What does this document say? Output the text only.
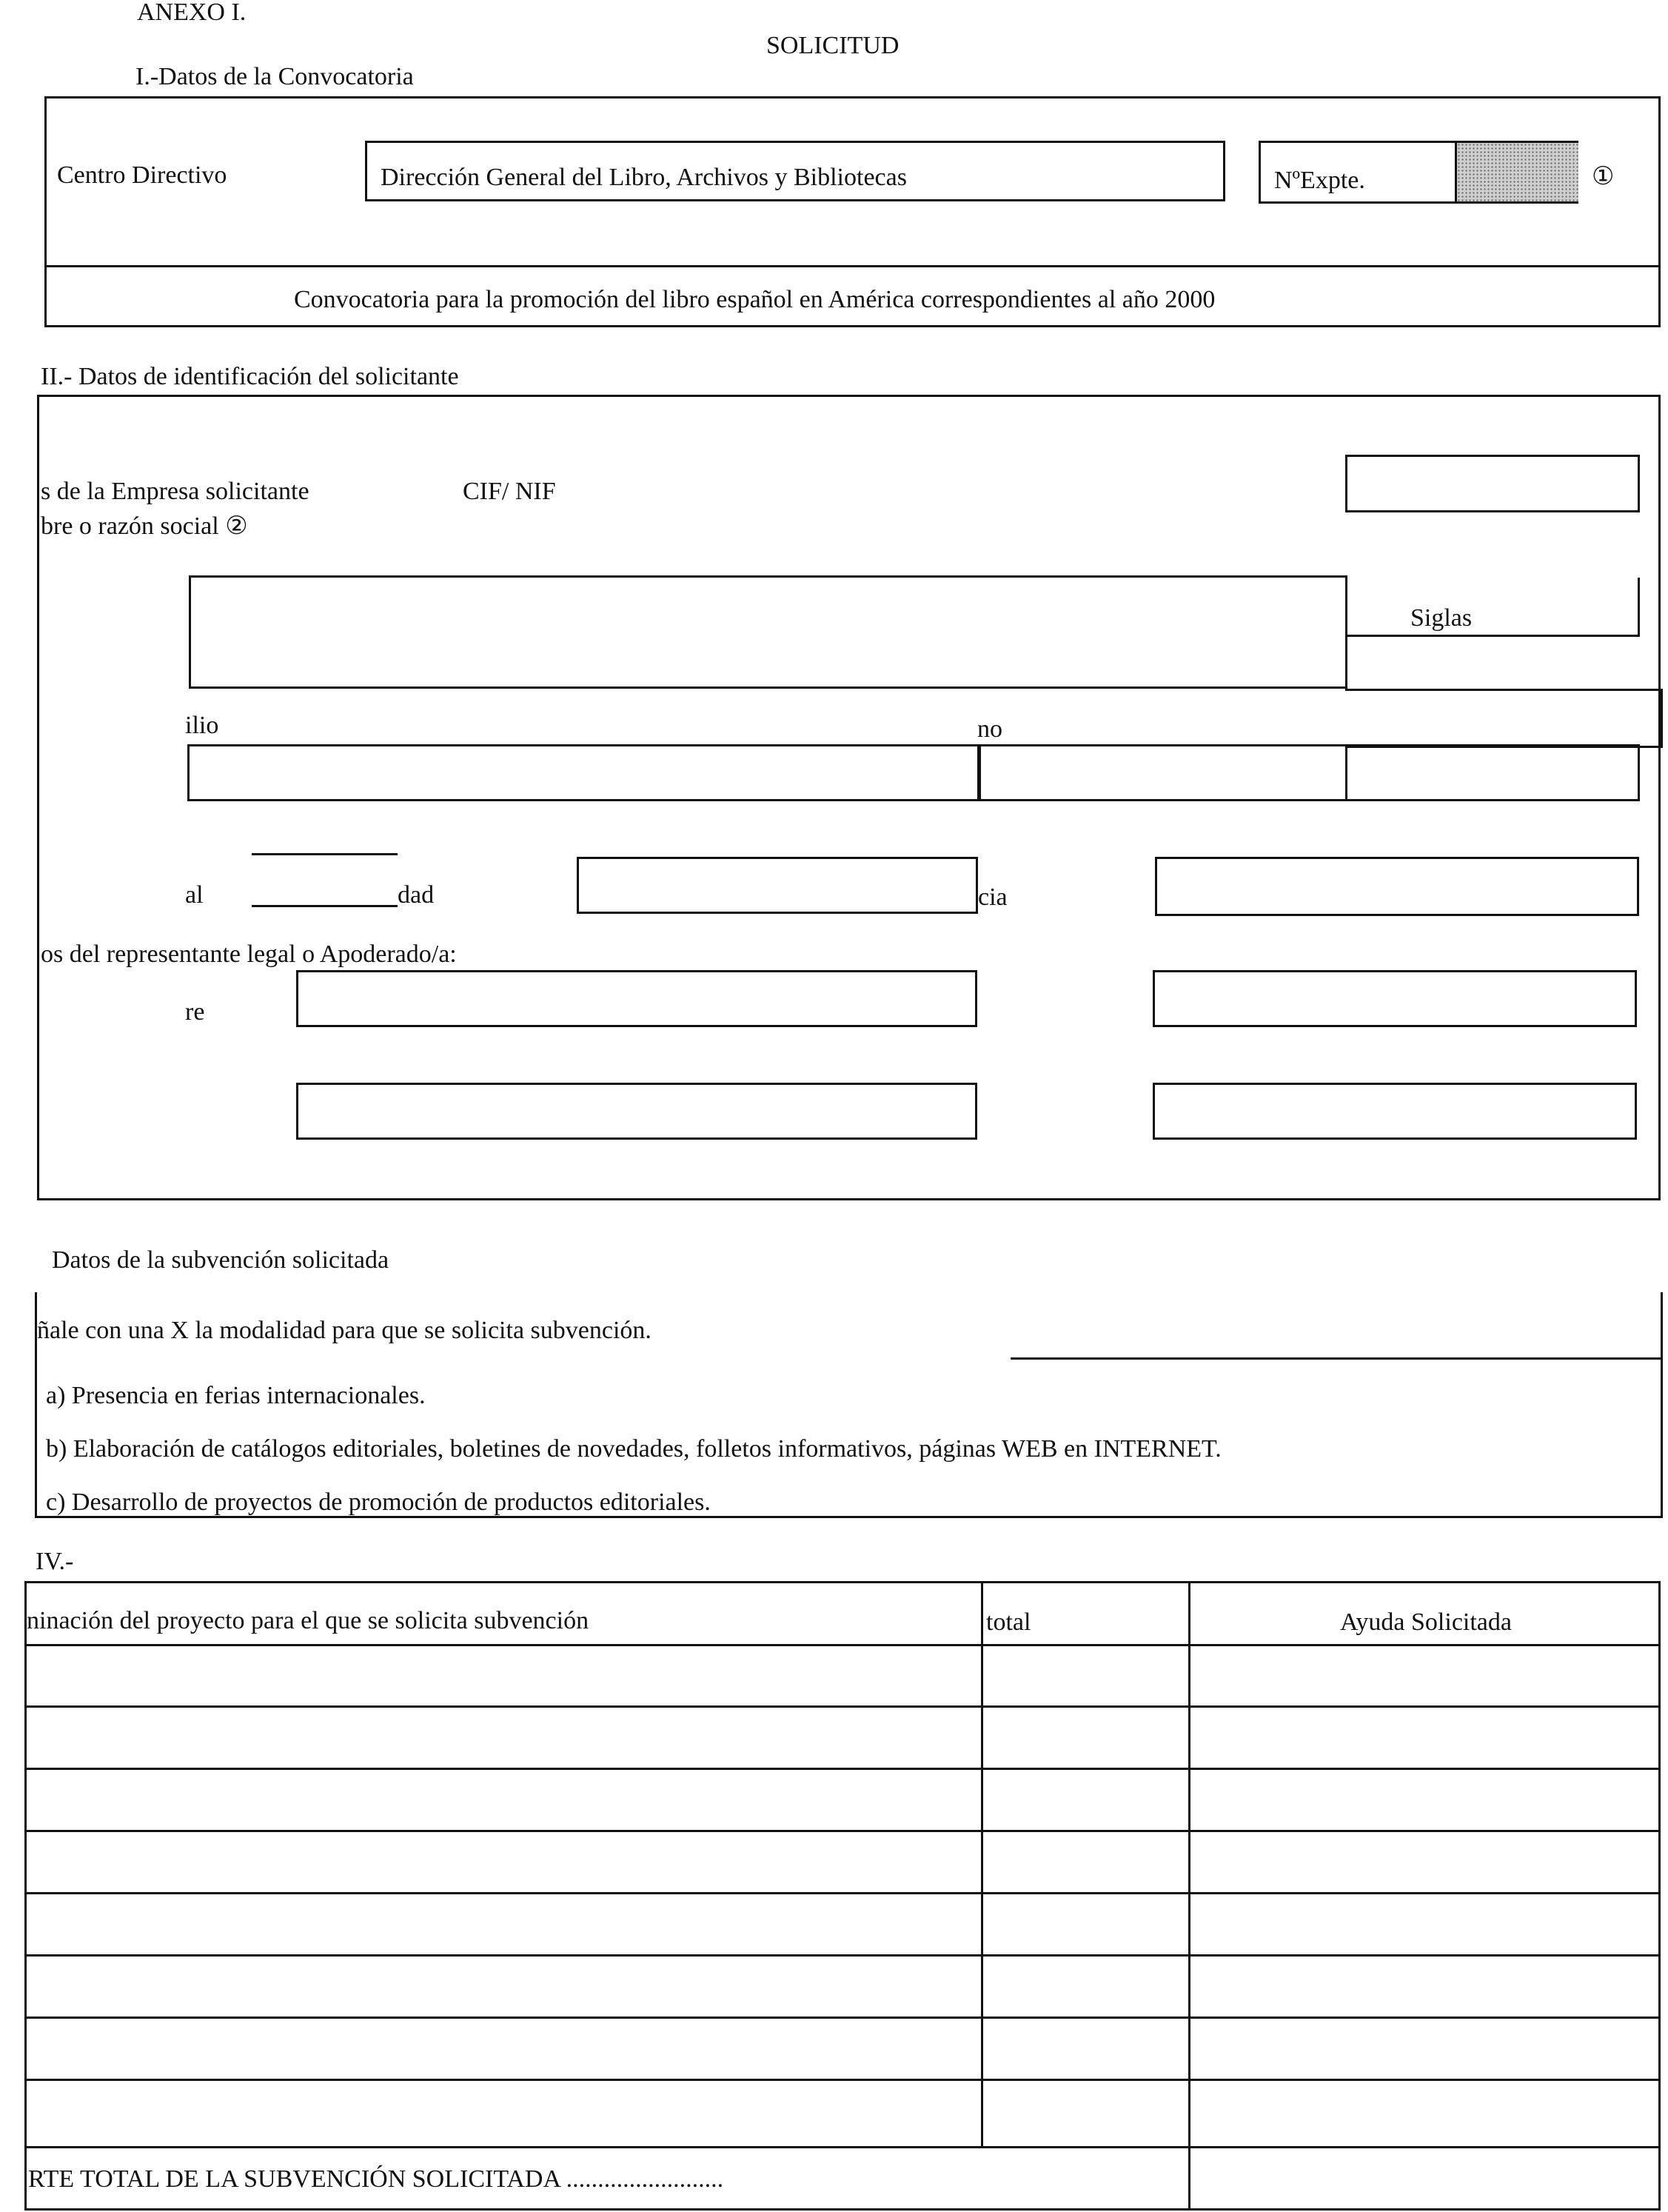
ANEXO I.
SOLICITUD
I.-Datos de la Convocatoria
Centro Directivo	Dirección General del Libro, Archivos y Bibliotecas	NºExpte.	①
Convocatoria para la promoción del libro español en América correspondientes al año 2000
II.- Datos de identificación del solicitante
s de la Empresa solicitante	CIF/ NIF
bre o razón social ②
Siglas
ilio	no
al	dad	cia
os del representante legal o Apoderado/a:
re
Datos de la subvención solicitada
ñale con una X la modalidad para que se solicita subvención.
a) Presencia en ferias internacionales.
b) Elaboración de catálogos editoriales, boletines de novedades, folletos informativos, páginas WEB en INTERNET.
c) Desarrollo de proyectos de promoción de productos editoriales.
IV.-
ninación del proyecto para el que se solicita subvención	total	Ayuda Solicitada
RTE TOTAL DE LA SUBVENCIÓN SOLICITADA .........................
